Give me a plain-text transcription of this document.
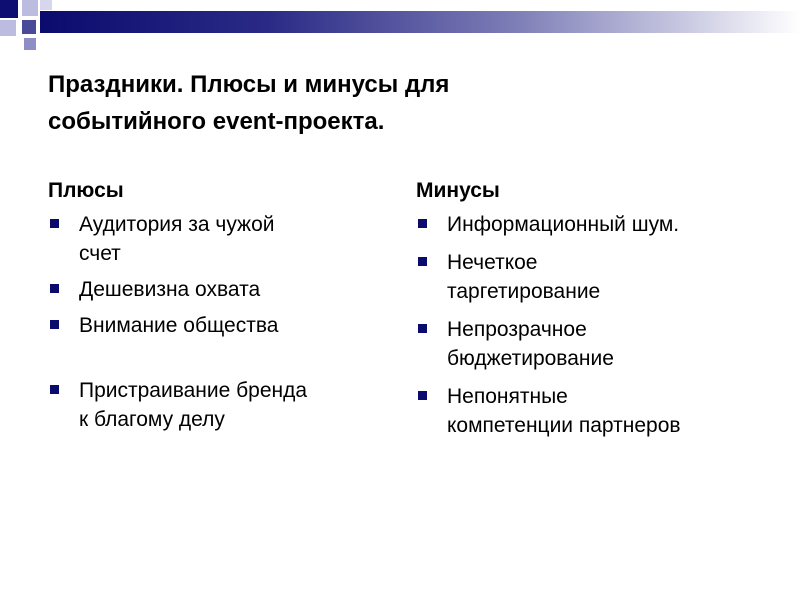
Праздники. Плюсы и минусы для
событийного event-проекта.
Плюсы
Аудитория за чужой
счет
Дешевизна охвата
Внимание общества
Пристраивание бренда
к благому делу
Минусы
Информационный шум.
Нечеткое
таргетирование
Непрозрачное
бюджетирование
Непонятные
компетенции партнеров
